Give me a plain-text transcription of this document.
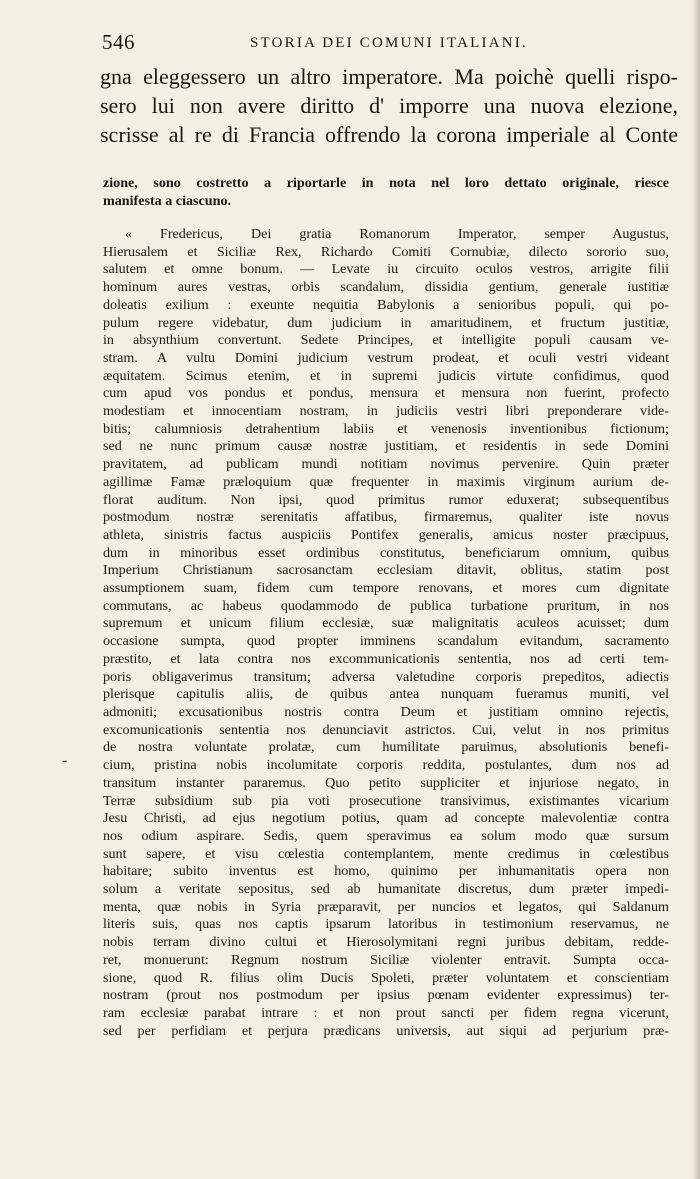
546	STORIA DEI COMUNI ITALIANI.
gna eleggessero un altro imperatore. Ma poichè quelli rispo-
sero lui non avere diritto d' imporre una nuova elezione,
scrisse al re di Francia offrendo la corona imperiale al Conte
zione, sono costretto a riportarle in nota nel loro dettato originale, riesce
manifesta a ciascuno.
« Fredericus, Dei gratia Romanorum Imperator, semper Augustus,
Hierusalem et Siciliæ Rex, Richardo Comiti Cornubiæ, dilecto sororio suo,
salutem et omne bonum. — Levate iu circuito oculos vestros, arrigite filii
hominum aures vestras, orbis scandalum, dissidia gentium, generale iustitiæ
doleatis exilium : exeunte nequitia Babylonis a senioribus populi, qui po-
pulum regere videbatur, dum judicium in amaritudinem, et fructum justitiæ,
in absynthium convertunt. Sedete Principes, et intelligite populi causam ve-
stram. A vultu Domini judicium vestrum prodeat, et oculi vestri videant
æquitatem. Scimus etenim, et in supremi judicis virtute confidimus, quod
cum apud vos pondus et pondus, mensura et mensura non fuerint, profecto
modestiam et innocentiam nostram, in judiciis vestri libri preponderare vide-
bitis; calumniosis detrahentium labiis et venenosis inventionibus fictionum;
sed ne nunc primum causæ nostræ justitiam, et residentis in sede Domini
pravitatem, ad publicam mundi notitiam novimus pervenire. Quin præter
agillimæ Famæ præloquium quæ frequenter in maximis virginum aurium de-
florat auditum. Non ipsi, quod primitus rumor eduxerat; subsequentibus
postmodum nostræ serenitatis affatibus, firmaremus, qualiter iste novus
athleta, sinistris factus auspiciis Pontifex generalis, amicus noster præcipuus,
dum in minoribus esset ordinibus constitutus, beneficiarum omnium, quibus
Imperium Christianum sacrosanctam ecclesiam ditavit, oblitus, statim post
assumptionem suam, fidem cum tempore renovans, et mores cum dignitate
commutans, ac habeus quodammodo de publica turbatione pruritum, in nos
supremum et unicum filium ecclesiæ, suæ malignitatis aculeos acuisset; dum
occasione sumpta, quod propter imminens scandalum evitandum, sacramento
præstito, et lata contra nos excommunicationis sententia, nos ad certi tem-
poris obligaverimus transitum; adversa valetudine corporis prepeditos, adiectis
plerisque capitulis aliis, de quibus antea nunquam fueramus muniti, vel
admoniti; excusationibus nostris contra Deum et justitiam omnino rejectis,
excomunicationis sententia nos denunciavit astrictos. Cui, velut in nos primitus
de nostra voluntate prolatæ, cum humilitate paruimus, absolutionis benefi-
cium, pristina nobis incolumitate corporis reddita, postulantes, dum nos ad
transitum instanter pararemus. Quo petito suppliciter et injuriose negato, in
Terræ subsidium sub pia voti prosecutione transivimus, existimantes vicarium
Jesu Christi, ad ejus negotium potius, quam ad concepte malevolentiæ contra
nos odium aspirare. Sedis, quem speravimus ea solum modo quæ sursum
sunt sapere, et visu cœlestia contemplantem, mente credimus in cœlestibus
habitare; subito inventus est homo, quinimo per inhumanitatis opera non
solum a veritate sepositus, sed ab humanitate discretus, dum præter impedi-
menta, quæ nobis in Syria præparavit, per nuncios et legatos, qui Saldanum
literis suis, quas nos captis ipsarum latoribus in testimonium reservamus, ne
nobis terram divino cultui et Hierosolymitani regni juribus debitam, redde-
ret, monuerunt: Regnum nostrum Siciliæ violenter entravit. Sumpta occa-
sione, quod R. filius olim Ducis Spoleti, præter voluntatem et conscientiam
nostram (prout nos postmodum per ipsius pœnam evidenter expressimus) ter-
ram ecclesiæ parabat intrare : et non prout sancti per fidem regna vicerunt,
sed per perfidiam et perjura prædicans universis, aut siqui ad perjurium præ-
-
